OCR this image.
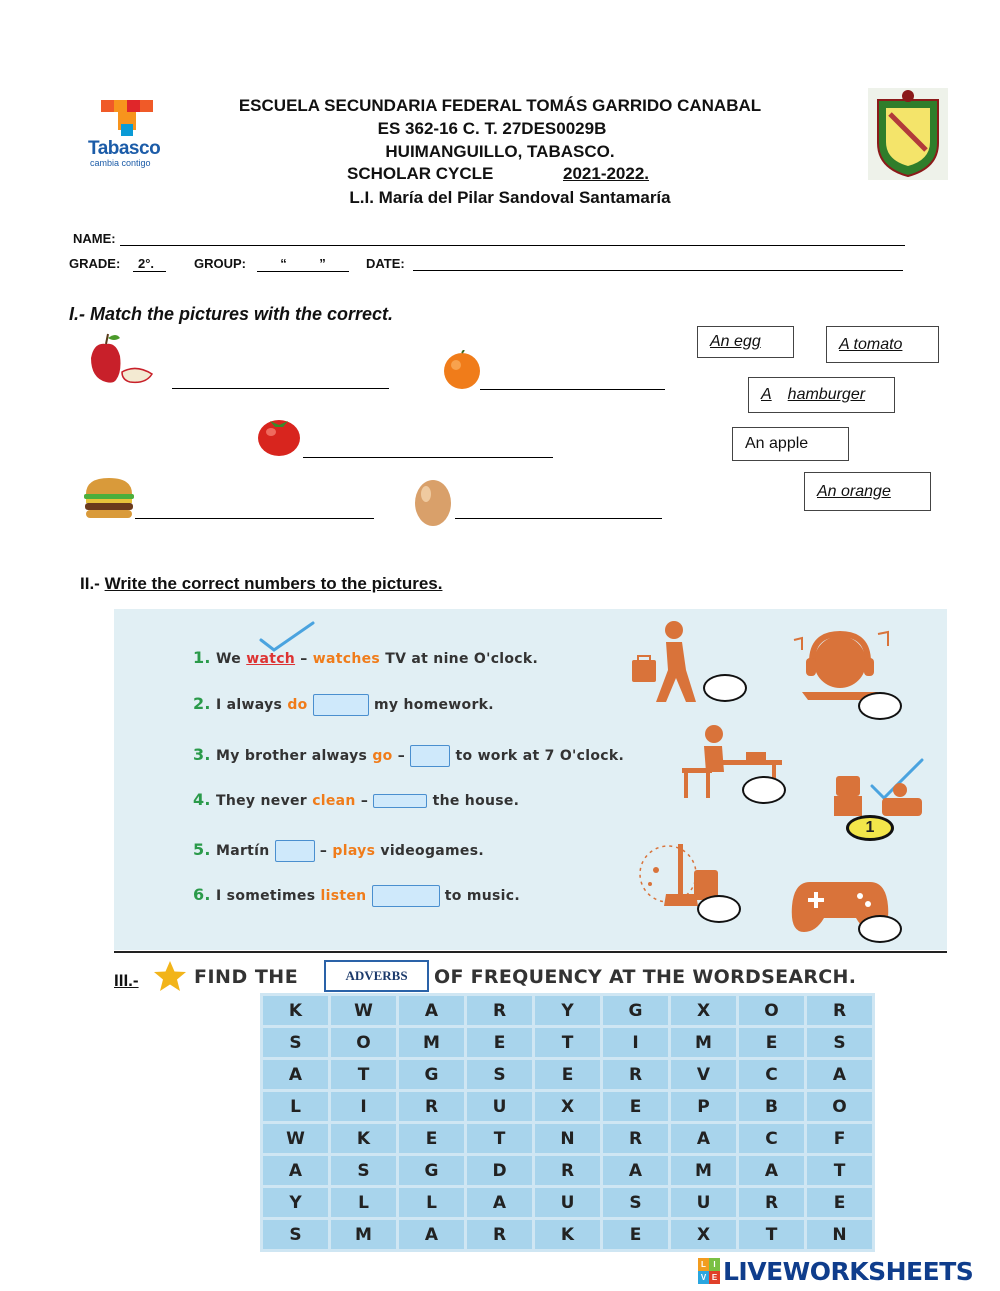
Tabasco
cambia contigo
ESCUELA SECUNDARIA FEDERAL TOMÁS GARRIDO CANABAL
ES 362-16 C. T. 27DES0029B
HUIMANGUILLO, TABASCO.
SCHOLAR CYCLE	2021-2022.
L.I. María del Pilar Sandoval Santamaría
NAME:
GRADE:	2°.	GROUP:	“         ”	DATE:
I.- Match the pictures with the correct.
An egg	A tomato
A hamburger
An apple
An orange
II.- Write the correct numbers to the pictures.
1. We watch – watches TV at nine O'clock.
2. I always do	my homework.
3. My brother always go –	to work at 7 O'clock.
4. They never clean –	the house.
5. Martín	– plays videogames.
6. I sometimes listen	to music.
1
III.-	FIND THE	ADVERBS	OF FREQUENCY AT THE WORDSEARCH.
K	W	A	R	Y	G	X	O	R
S	O	M	E	T	I	M	E	S
A	T	G	S	E	R	V	C	A
L	I	R	U	X	E	P	B	O
W	K	E	T	N	R	A	C	F
A	S	G	D	R	A	M	A	T
Y	L	L	A	U	S	U	R	E
S	M	A	R	K	E	X	T	N
L I
V E LIVEWORKSHEETS
